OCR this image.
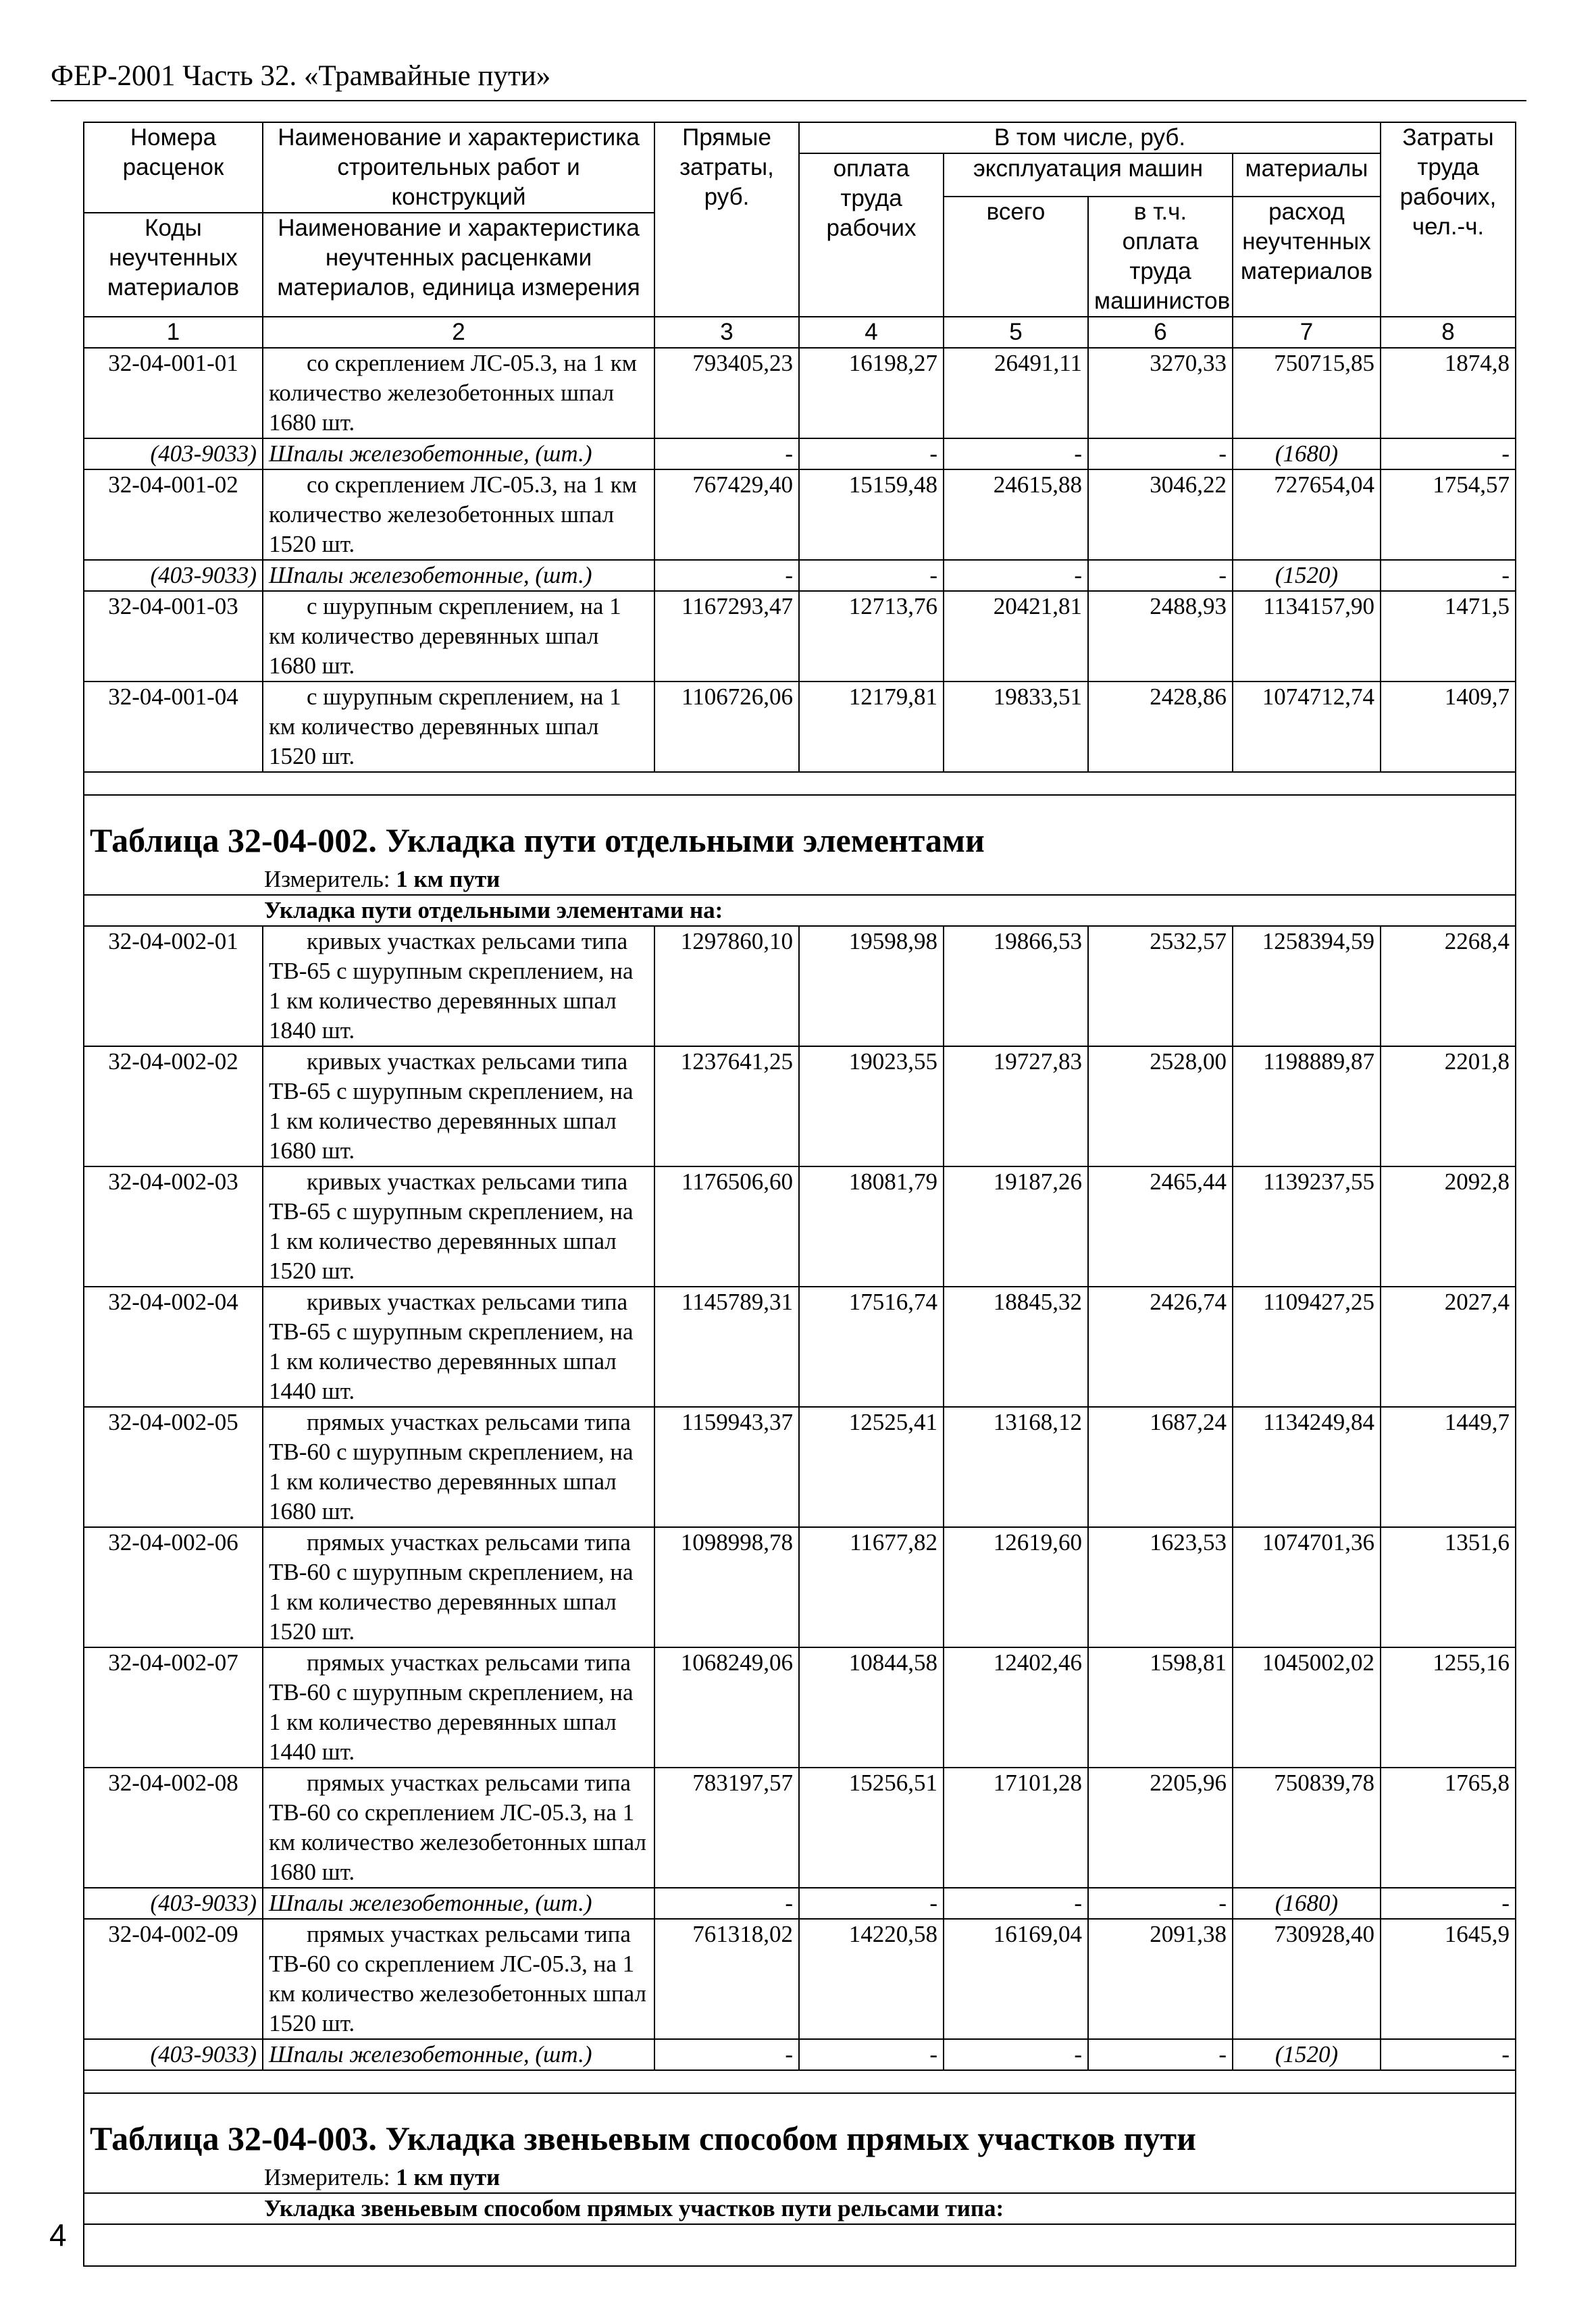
ФЕР-2001 Часть 32. «Трамвайные пути»
Номера расценок	Наименование и характеристика строительных работ и конструкций	Прямые затраты, руб.	В том числе, руб.				Затраты труда рабочих, чел.-ч.
			оплата труда рабочих	эксплуатация машин		материалы	
				всего	в т.ч. оплата труда машинистов	расход неучтенных материалов	
Коды неучтенных материалов	Наименование и характеристика неучтенных расценками материалов, единица измерения						

1	2	3	4	5	6	7	8
32-04-001-01	со скреплением ЛС-05.3, на 1 км количество железобетонных шпал 1680 шт.	793405,23	16198,27	26491,11	3270,33	750715,85	1874,8
(403-9033)	Шпалы железобетонные, (шт.)	-	-	-	-	(1680)	-
32-04-001-02	со скреплением ЛС-05.3, на 1 км количество железобетонных шпал 1520 шт.	767429,40	15159,48	24615,88	3046,22	727654,04	1754,57
(403-9033)	Шпалы железобетонные, (шт.)	-	-	-	-	(1520)	-
32-04-001-03	с шурупным скреплением, на 1 км количество деревянных шпал 1680 шт.	1167293,47	12713,76	20421,81	2488,93	1134157,90	1471,5
32-04-001-04	с шурупным скреплением, на 1 км количество деревянных шпал 1520 шт.	1106726,06	12179,81	19833,51	2428,86	1074712,74	1409,7

Таблица 32-04-002. Укладка пути отдельными элементами							
Измеритель: 1 км пути							
Укладка пути отдельными элементами на:							
32-04-002-01	кривых участках рельсами типа ТВ-65 с шурупным скреплением, на 1 км количество деревянных шпал 1840 шт.	1297860,10	19598,98	19866,53	2532,57	1258394,59	2268,4
32-04-002-02	кривых участках рельсами типа ТВ-65 с шурупным скреплением, на 1 км количество деревянных шпал 1680 шт.	1237641,25	19023,55	19727,83	2528,00	1198889,87	2201,8
32-04-002-03	кривых участках рельсами типа ТВ-65 с шурупным скреплением, на 1 км количество деревянных шпал 1520 шт.	1176506,60	18081,79	19187,26	2465,44	1139237,55	2092,8
32-04-002-04	кривых участках рельсами типа ТВ-65 с шурупным скреплением, на 1 км количество деревянных шпал 1440 шт.	1145789,31	17516,74	18845,32	2426,74	1109427,25	2027,4
32-04-002-05	прямых участках рельсами типа ТВ-60 с шурупным скреплением, на 1 км количество деревянных шпал 1680 шт.	1159943,37	12525,41	13168,12	1687,24	1134249,84	1449,7
32-04-002-06	прямых участках рельсами типа ТВ-60 с шурупным скреплением, на 1 км количество деревянных шпал 1520 шт.	1098998,78	11677,82	12619,60	1623,53	1074701,36	1351,6
32-04-002-07	прямых участках рельсами типа ТВ-60 с шурупным скреплением, на 1 км количество деревянных шпал 1440 шт.	1068249,06	10844,58	12402,46	1598,81	1045002,02	1255,16
32-04-002-08	прямых участках рельсами типа ТВ-60 со скреплением ЛС-05.3, на 1 км количество железобетонных шпал 1680 шт.	783197,57	15256,51	17101,28	2205,96	750839,78	1765,8
(403-9033)	Шпалы железобетонные, (шт.)	-	-	-	-	(1680)	-
32-04-002-09	прямых участках рельсами типа ТВ-60 со скреплением ЛС-05.3, на 1 км количество железобетонных шпал 1520 шт.	761318,02	14220,58	16169,04	2091,38	730928,40	1645,9
(403-9033)	Шпалы железобетонные, (шт.)	-	-	-	-	(1520)	-

Таблица 32-04-003. Укладка звеньевым способом прямых участков пути							
Измеритель: 1 км пути							
Укладка звеньевым способом прямых участков пути рельсами типа:							

4
